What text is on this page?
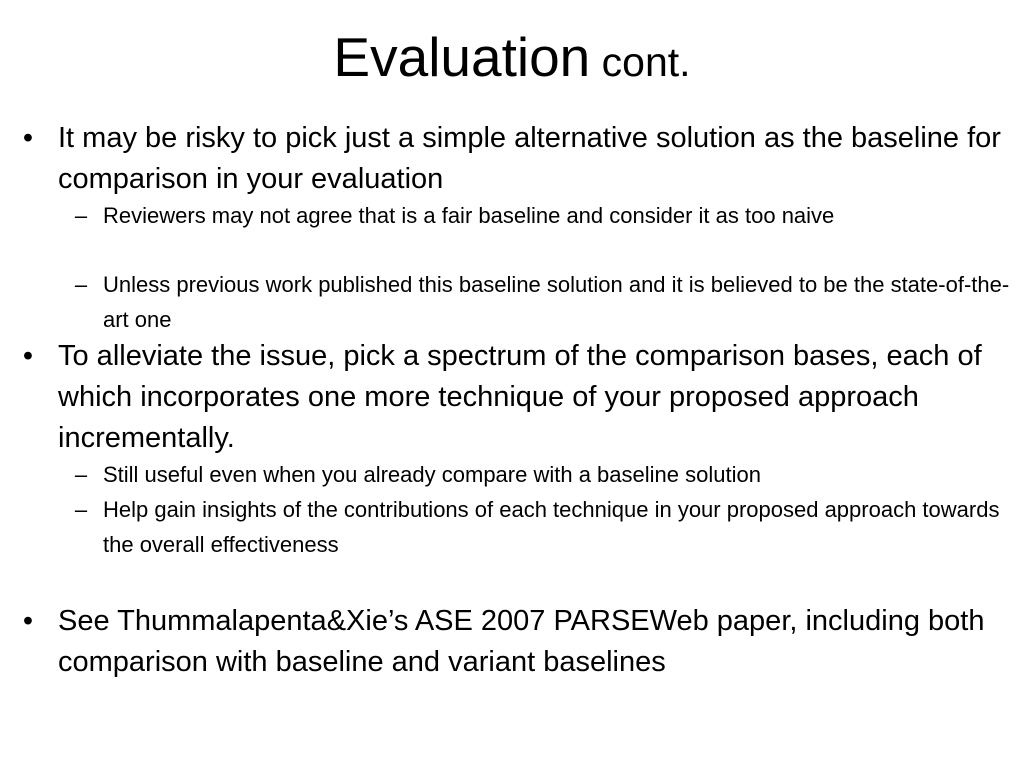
Evaluation cont.
• It may be risky to pick just a simple alternative solution as the baseline for comparison in your evaluation
– Reviewers may not agree that is a fair baseline and consider it as too naive
– Unless previous work published this baseline solution and it is believed to be the state-of-the-art one
• To alleviate the issue, pick a spectrum of the comparison bases, each of which incorporates one more technique of your proposed approach incrementally.
– Still useful even when you already compare with a baseline solution
– Help gain insights of the contributions of each technique in your proposed approach towards the overall effectiveness
• See Thummalapenta&Xie’s ASE 2007 PARSEWeb paper, including both comparison with baseline and variant baselines
